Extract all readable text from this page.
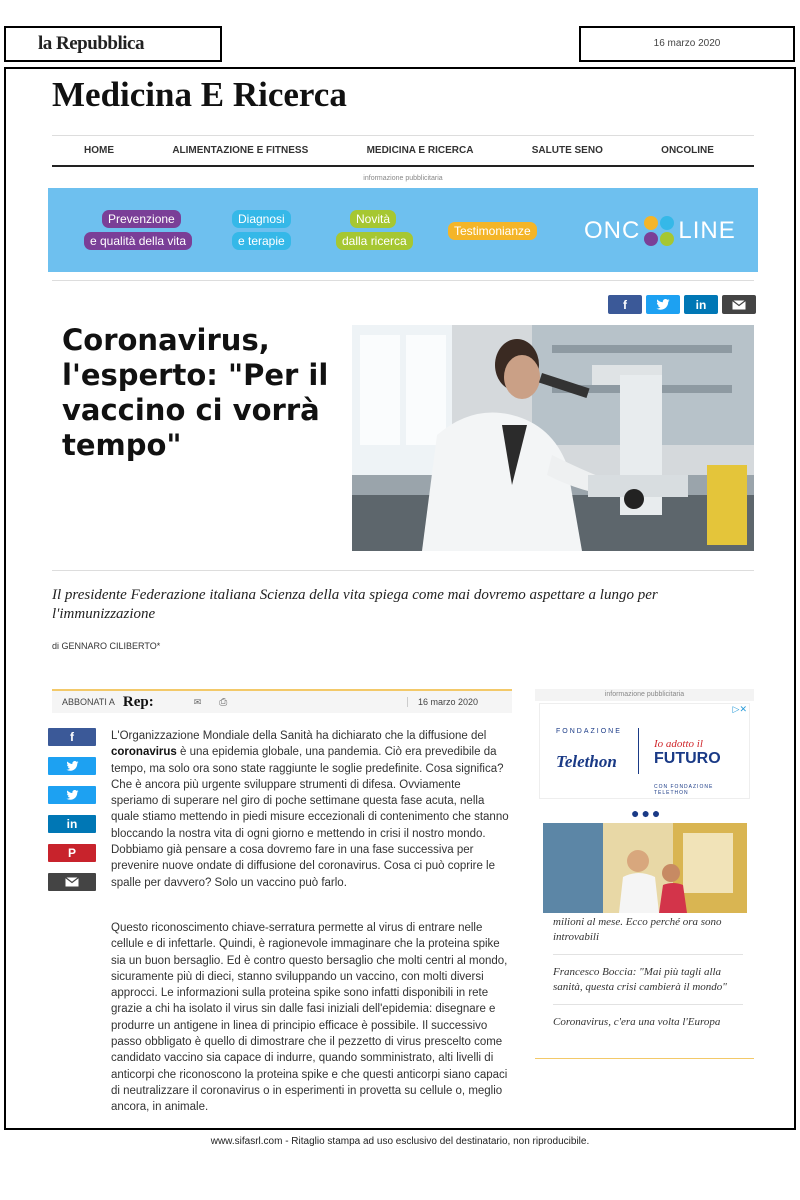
la Repubblica	16 marzo 2020
Medicina E Ricerca
HOME	ALIMENTAZIONE E FITNESS	MEDICINA E RICERCA	SALUTE SENO	ONCOLINE
informazione pubblicitaria
Prevenzione
e qualità della vita
Diagnosi
e terapie
Novità
dalla ricerca
Testimonianze ONC LINE
f	in
Coronavirus, l'esperto: "Per il vaccino ci vorrà tempo"
Il presidente Federazione italiana Scienza della vita spiega come mai dovremo aspettare a lungo per l'immunizzazione
di GENNARO CILIBERTO*
ABBONATI A Rep:	✉ ⎙	16 marzo 2020
f
in
P
L'Organizzazione Mondiale della Sanità ha dichiarato che la diffusione del coronavirus è una epidemia globale, una pandemia. Ciò era prevedibile da tempo, ma solo ora sono state raggiunte le soglie predefinite. Cosa significa? Che è ancora più urgente sviluppare strumenti di difesa. Ovviamente speriamo di superare nel giro di poche settimane questa fase acuta, nella quale stiamo mettendo in piedi misure eccezionali di contenimento che stanno bloccando la nostra vita di ogni giorno e mettendo in crisi il nostro mondo. Dobbiamo già pensare a cosa dovremo fare in una fase successiva per prevenire nuove ondate di diffusione del coronavirus. Cosa ci può coprire le spalle per davvero? Solo un vaccino può farlo.
Questo riconoscimento chiave-serratura permette al virus di entrare nelle cellule e di infettarle. Quindi, è ragionevole immaginare che la proteina spike sia un buon bersaglio. Ed è contro questo bersaglio che molti centri al mondo, sicuramente più di dieci, stanno sviluppando un vaccino, con molti diversi approcci. Le informazioni sulla proteina spike sono infatti disponibili in rete grazie a chi ha isolato il virus sin dalle fasi iniziali dell'epidemia: disegnare e produrre un antigene in linea di principio efficace è possibile. Il successivo passo obbligato è quello di dimostrare che il pezzetto di virus prescelto come candidato vaccino sia capace di indurre, quando somministrato, alti livelli di anticorpi che riconoscono la proteina spike e che questi anticorpi siano capaci di neutralizzare il coronavirus o in esperimenti in provetta su cellule o, meglio ancora, in animale.
informazione pubblicitaria
▷✕
FONDAZIONE
Telethon
Io adotto il
FUTURO
CON FONDAZIONE TELETHON
●●●
milioni al mese. Ecco perché ora sono introvabili
Francesco Boccia: "Mai più tagli alla sanità, questa crisi cambierà il mondo"
Coronavirus, c'era una volta l'Europa
www.sifasrl.com - Ritaglio stampa ad uso esclusivo del destinatario, non riproducibile.
